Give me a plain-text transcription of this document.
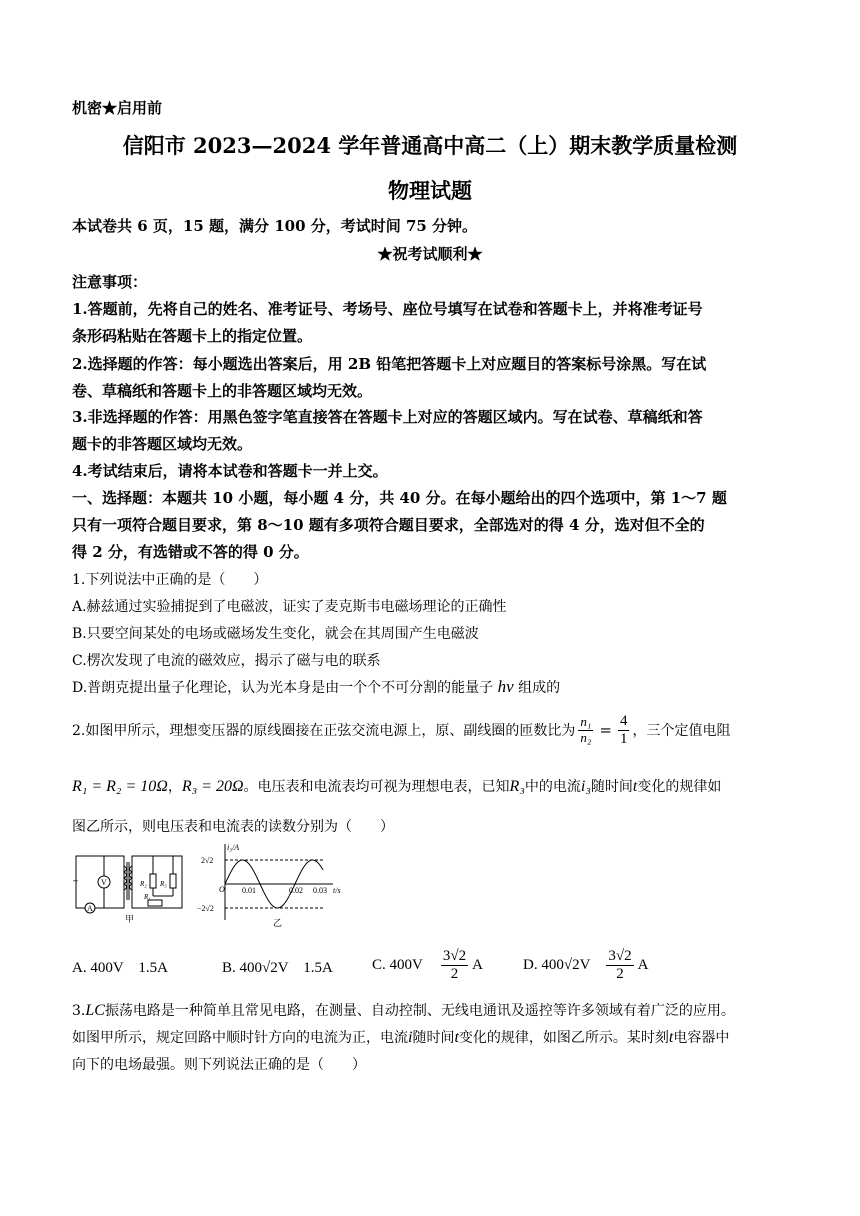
机密★启用前
信阳市 2023—2024 学年普通高中高二（上）期末教学质量检测
物理试题
本试卷共 6 页，15 题，满分 100 分，考试时间 75 分钟。
★祝考试顺利★
注意事项：
1.答题前，先将自己的姓名、准考证号、考场号、座位号填写在试卷和答题卡上，并将准考证号
条形码粘贴在答题卡上的指定位置。
2.选择题的作答：每小题选出答案后，用 2B 铅笔把答题卡上对应题目的答案标号涂黑。写在试
卷、草稿纸和答题卡上的非答题区域均无效。
3.非选择题的作答：用黑色签字笔直接答在答题卡上对应的答题区域内。写在试卷、草稿纸和答
题卡的非答题区域均无效。
4.考试结束后，请将本试卷和答题卡一并上交。
一、选择题：本题共 10 小题，每小题 4 分，共 40 分。在每小题给出的四个选项中，第 1～7 题
只有一项符合题目要求，第 8～10 题有多项符合题目要求，全部选对的得 4 分，选对但不全的
得 2 分，有选错或不答的得 0 分。
1.下列说法中正确的是（　　）
A.赫兹通过实验捕捉到了电磁波，证实了麦克斯韦电磁场理论的正确性
B.只要空间某处的电场或磁场发生变化，就会在其周围产生电磁波
C.楞次发现了电流的磁效应，揭示了磁与电的联系
D.普朗克提出量子化理论，认为光本身是由一个个不可分割的能量子 hν 组成的
2.如图甲所示，理想变压器的原线圈接在正弦交流电源上，原、副线圈的匝数比为 $\frac{\text{n₁}}{\text{n₂}} = \frac{4}{1}$ ，三个定值电阻
R₁ = R₂ = 10Ω，R₃ = 20Ω。电压表和电流表均可视为理想电表，已知R₃中的电流i₃随时间t变化的规律如
图乙所示，则电压表和电流表的读数分别为（　　）
~	V
A
R₂ R₃
R₁
甲
i₃/A
2√2
−2√2
O 0.01	0.02 0.03 t/s
乙
A. 400V　1.5A	B. 400√2V　1.5A	C. $400V \frac{3√2}{2}$ A	D. 400 √2 V $\frac{3√2}{2}$ A
3.LC振荡电路是一种简单且常见电路，在测量、自动控制、无线电通讯及遥控等许多领域有着广泛的应用。
如图甲所示，规定回路中顺时针方向的电流为正，电流i随时间t变化的规律，如图乙所示。某时刻t电容器中
向下的电场最强。则下列说法正确的是（　　）
